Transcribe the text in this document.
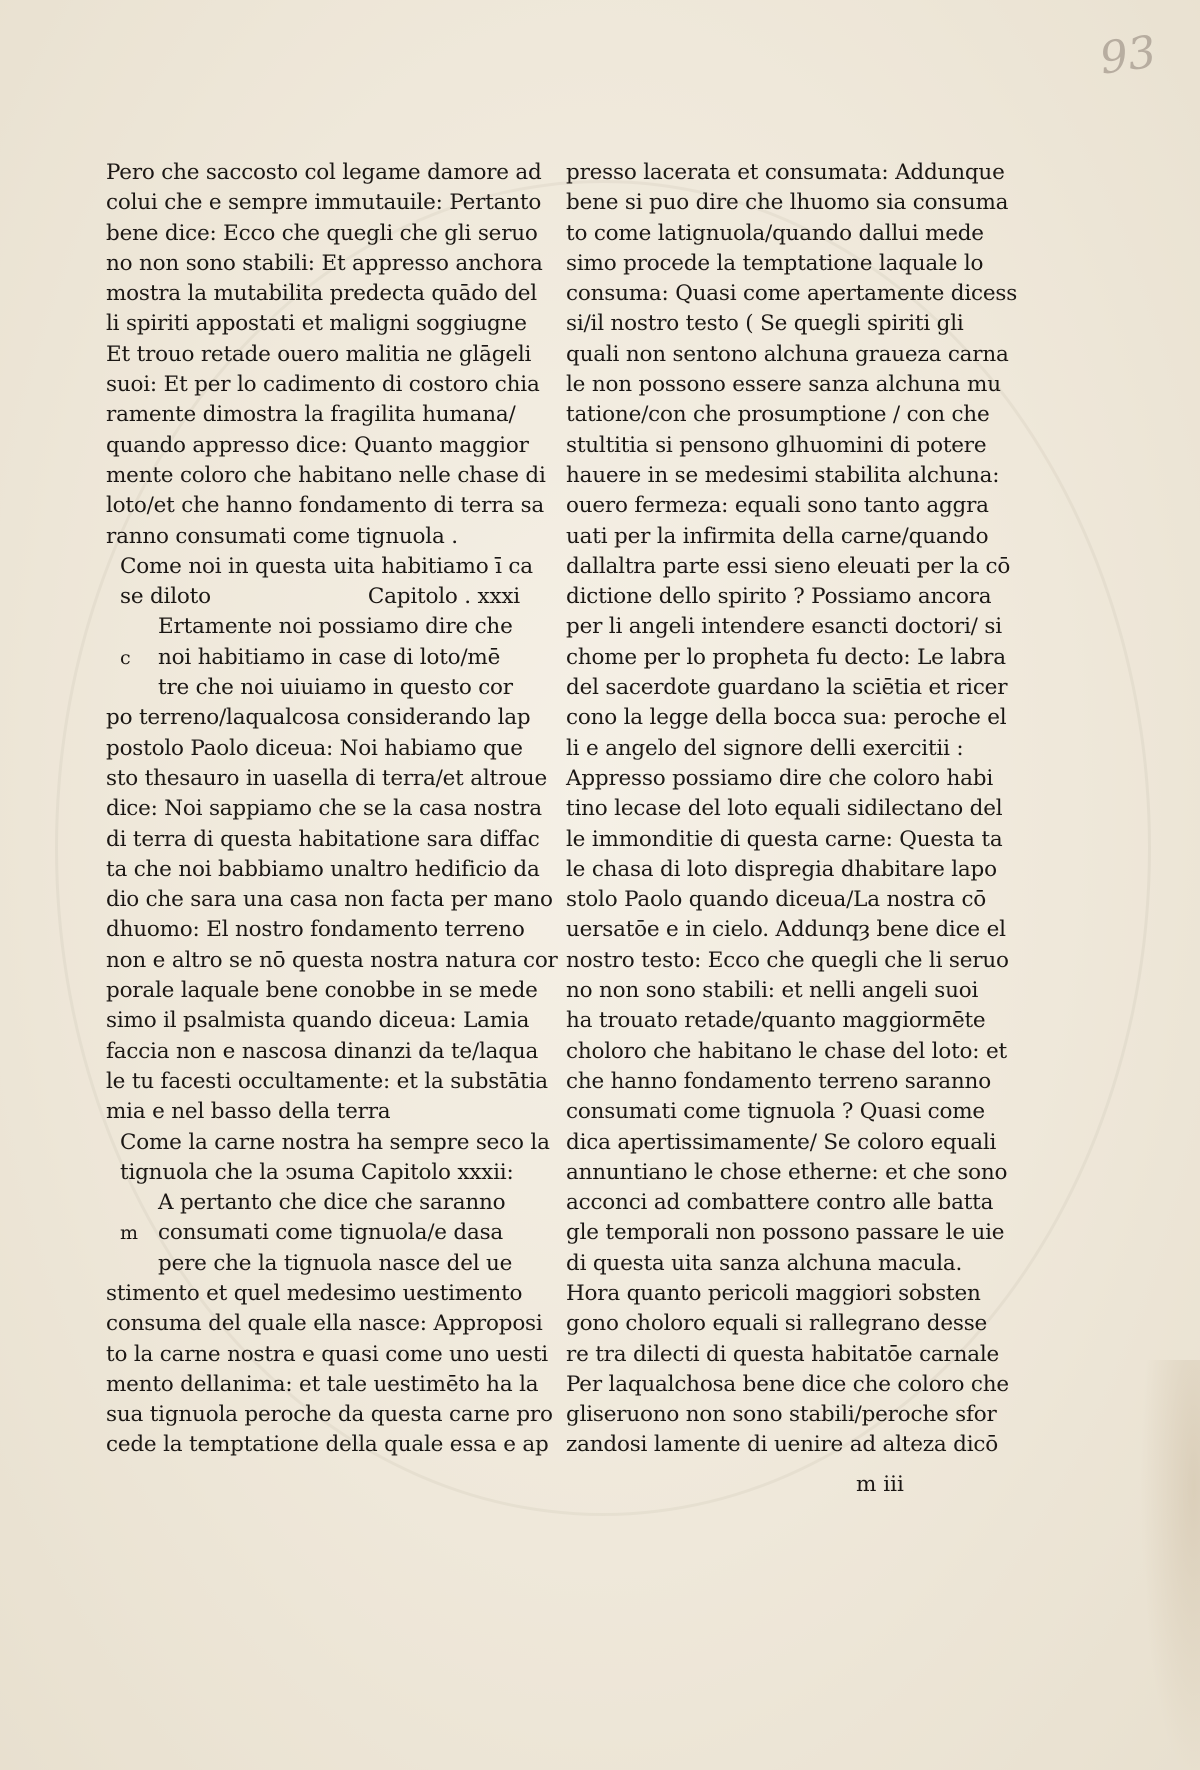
93
Pero che saccosto col legame damore ad
colui che e sempre immutauile: Pertanto
bene dice: Ecco che quegli che gli seruo
no non sono stabili: Et appresso anchora
mostra la mutabilita predecta quādo del
li spiriti appostati et maligni soggiugne
Et trouo retade ouero malitia ne glāgeli
suoi: Et per lo cadimento di costoro chia
ramente dimostra la fragilita humana/
quando appresso dice: Quanto maggior
mente coloro che habitano nelle chase di
loto/et che hanno fondamento di terra sa
ranno consumati come tignuola .
Come noi in questa uita habitiamo ī ca
se diloto	Capitolo . xxxi
Ertamente noi possiamo dire che
c	noi habitiamo in case di loto/mē
tre che noi uiuiamo in questo cor
po terreno/laqualcosa considerando lap
postolo Paolo diceua: Noi habiamo que
sto thesauro in uasella di terra/et altroue
dice: Noi sappiamo che se la casa nostra
di terra di questa habitatione sara diffac
ta che noi babbiamo unaltro hedificio da
dio che sara una casa non facta per mano
dhuomo: El nostro fondamento terreno
non e altro se nō questa nostra natura cor
porale laquale bene conobbe in se mede
simo il psalmista quando diceua: Lamia
faccia non e nascosa dinanzi da te/laqua
le tu facesti occultamente: et la substātia
mia e nel basso della terra
Come la carne nostra ha sempre seco la
tignuola che la ↄsuma Capitolo xxxii:
A pertanto che dice che saranno
m consumati come tignuola/e dasa
pere che la tignuola nasce del ue
stimento et quel medesimo uestimento
consuma del quale ella nasce: Approposi
to la carne nostra e quasi come uno uesti
mento dellanima: et tale uestimēto ha la
sua tignuola peroche da questa carne pro
cede la temptatione della quale essa e ap
presso lacerata et consumata: Addunque
bene si puo dire che lhuomo sia consuma
to come latignuola/quando dallui mede
simo procede la temptatione laquale lo
consuma: Quasi come apertamente dicess
si/il nostro testo ( Se quegli spiriti gli
quali non sentono alchuna graueza carna
le non possono essere sanza alchuna mu
tatione/con che prosumptione / con che
stultitia si pensono glhuomini di potere
hauere in se medesimi stabilita alchuna:
ouero fermeza: equali sono tanto aggra
uati per la infirmita della carne/quando
dallaltra parte essi sieno eleuati per la cō
dictione dello spirito ? Possiamo ancora
per li angeli intendere esancti doctori/ si
chome per lo propheta fu decto: Le labra
del sacerdote guardano la sciētia et ricer
cono la legge della bocca sua: peroche el
li e angelo del signore delli exercitii :
Appresso possiamo dire che coloro habi
tino lecase del loto equali sidilectano del
le immonditie di questa carne: Questa ta
le chasa di loto dispregia dhabitare lapo
stolo Paolo quando diceua/La nostra cō
uersatōe e in cielo. Addunqȝ bene dice el
nostro testo: Ecco che quegli che li seruo
no non sono stabili: et nelli angeli suoi
ha trouato retade/quanto maggiormēte
choloro che habitano le chase del loto: et
che hanno fondamento terreno saranno
consumati come tignuola ? Quasi come
dica apertissimamente/ Se coloro equali
annuntiano le chose etherne: et che sono
acconci ad combattere contro alle batta
gle temporali non possono passare le uie
di questa uita sanza alchuna macula.
Hora quanto pericoli maggiori sobsten
gono choloro equali si rallegrano desse
re tra dilecti di questa habitatōe carnale
Per laqualchosa bene dice che coloro che
gliseruono non sono stabili/peroche sfor
zandosi lamente di uenire ad alteza dicō
m iii
